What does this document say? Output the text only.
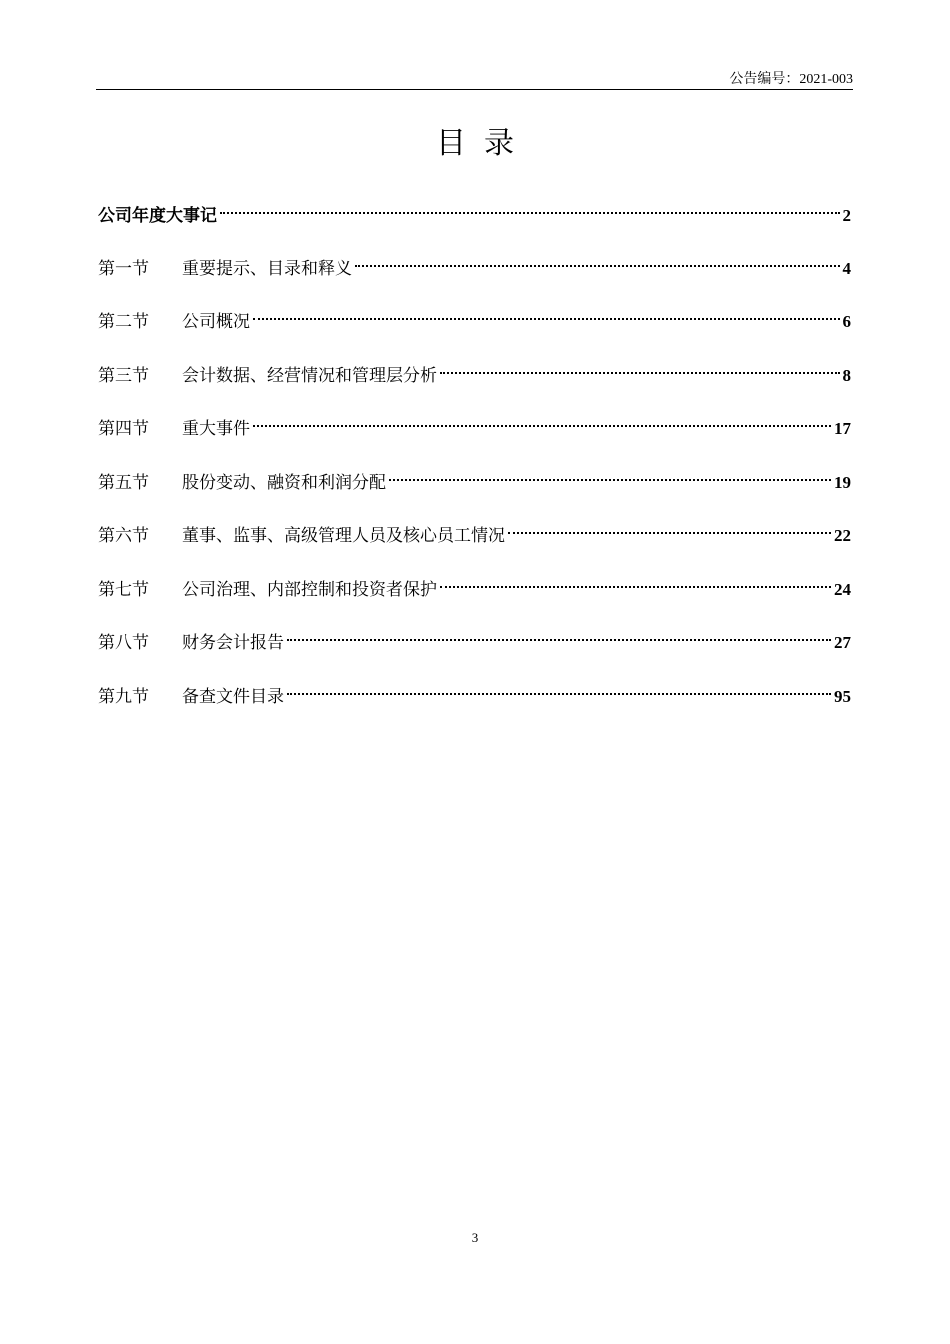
公告编号：2021-003
目录
公司年度大事记	2
第一节	重要提示、目录和释义	4
第二节	公司概况	6
第三节	会计数据、经营情况和管理层分析	8
第四节	重大事件	17
第五节	股份变动、融资和利润分配	19
第六节	董事、监事、高级管理人员及核心员工情况	22
第七节	公司治理、内部控制和投资者保护	24
第八节	财务会计报告	27
第九节	备查文件目录	95
3
